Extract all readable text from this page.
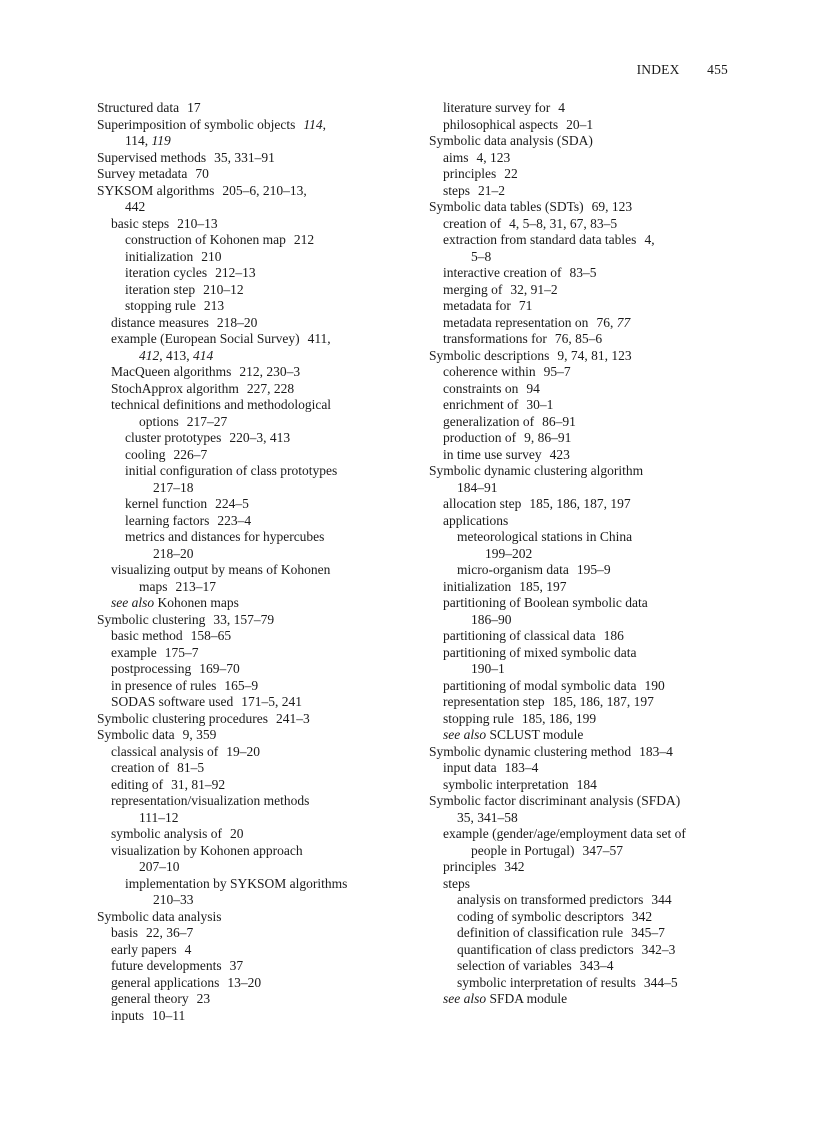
INDEX 455
Structured data 17
Superimposition of symbolic objects 114,
114, 119
Supervised methods 35, 331–91
Survey metadata 70
SYKSOM algorithms 205–6, 210–13,
442
basic steps 210–13
construction of Kohonen map 212
initialization 210
iteration cycles 212–13
iteration step 210–12
stopping rule 213
distance measures 218–20
example (European Social Survey) 411,
412, 413, 414
MacQueen algorithms 212, 230–3
StochApprox algorithm 227, 228
technical definitions and methodological
options 217–27
cluster prototypes 220–3, 413
cooling 226–7
initial configuration of class prototypes
217–18
kernel function 224–5
learning factors 223–4
metrics and distances for hypercubes
218–20
visualizing output by means of Kohonen
maps 213–17
see also Kohonen maps
Symbolic clustering 33, 157–79
basic method 158–65
example 175–7
postprocessing 169–70
in presence of rules 165–9
SODAS software used 171–5, 241
Symbolic clustering procedures 241–3
Symbolic data 9, 359
classical analysis of 19–20
creation of 81–5
editing of 31, 81–92
representation/visualization methods
111–12
symbolic analysis of 20
visualization by Kohonen approach
207–10
implementation by SYKSOM algorithms
210–33
Symbolic data analysis
basis 22, 36–7
early papers 4
future developments 37
general applications 13–20
general theory 23
inputs 10–11
literature survey for 4
philosophical aspects 20–1
Symbolic data analysis (SDA)
aims 4, 123
principles 22
steps 21–2
Symbolic data tables (SDTs) 69, 123
creation of 4, 5–8, 31, 67, 83–5
extraction from standard data tables 4,
5–8
interactive creation of 83–5
merging of 32, 91–2
metadata for 71
metadata representation on 76, 77
transformations for 76, 85–6
Symbolic descriptions 9, 74, 81, 123
coherence within 95–7
constraints on 94
enrichment of 30–1
generalization of 86–91
production of 9, 86–91
in time use survey 423
Symbolic dynamic clustering algorithm
184–91
allocation step 185, 186, 187, 197
applications
meteorological stations in China
199–202
micro-organism data 195–9
initialization 185, 197
partitioning of Boolean symbolic data
186–90
partitioning of classical data 186
partitioning of mixed symbolic data
190–1
partitioning of modal symbolic data 190
representation step 185, 186, 187, 197
stopping rule 185, 186, 199
see also SCLUST module
Symbolic dynamic clustering method 183–4
input data 183–4
symbolic interpretation 184
Symbolic factor discriminant analysis (SFDA)
35, 341–58
example (gender/age/employment data set of
people in Portugal) 347–57
principles 342
steps
analysis on transformed predictors 344
coding of symbolic descriptors 342
definition of classification rule 345–7
quantification of class predictors 342–3
selection of variables 343–4
symbolic interpretation of results 344–5
see also SFDA module
